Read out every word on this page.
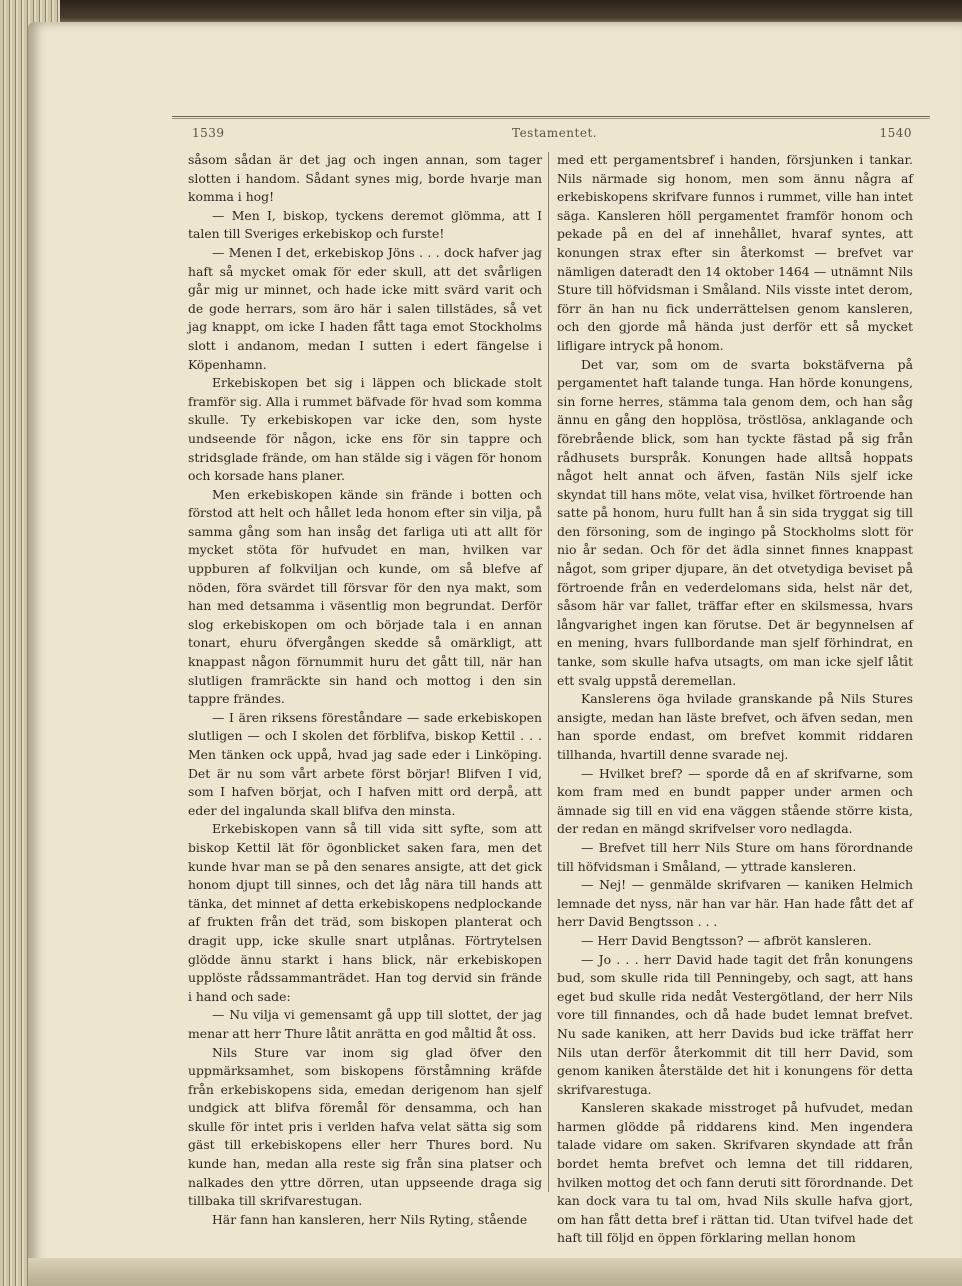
1539	Testamentet.	1540

såsom sådan är det jag och ingen annan, som tager slotten i handom. Sådant synes mig, borde hvarje man komma i hog!

— Men I, biskop, tyckens deremot glömma, att I talen till Sveriges erkebiskop och furste!

— Menen I det, erkebiskop Jöns . . . dock hafver jag haft så mycket omak för eder skull, att det svårligen går mig ur minnet, och hade icke mitt svärd varit och de gode herrars, som äro här i salen tillstädes, så vet jag knappt, om icke I haden fått taga emot Stockholms slott i andanom, medan I sutten i edert fängelse i Köpenhamn.

Erkebiskopen bet sig i läppen och blickade stolt framför sig. Alla i rummet bäfvade för hvad som komma skulle. Ty erkebiskopen var icke den, som hyste undseende för någon, icke ens för sin tappre och stridsglade frände, om han stälde sig i vägen för honom och korsade hans planer.

Men erkebiskopen kände sin frände i botten och förstod att helt och hållet leda honom efter sin vilja, på samma gång som han insåg det farliga uti att allt för mycket stöta för hufvudet en man, hvilken var uppburen af folkviljan och kunde, om så blefve af nöden, föra svärdet till försvar för den nya makt, som han med detsamma i väsentlig mon begrundat. Derför slog erkebiskopen om och började tala i en annan tonart, ehuru öfvergången skedde så omärkligt, att knappast någon förnummit huru det gått till, när han slutligen framräckte sin hand och mottog i den sin tappre frändes.

— I ären riksens föreståndare — sade erkebiskopen slutligen — och I skolen det förblifva, biskop Kettil . . . Men tänken ock uppå, hvad jag sade eder i Linköping. Det är nu som vårt arbete först börjar! Blifven I vid, som I hafven börjat, och I hafven mitt ord derpå, att eder del ingalunda skall blifva den minsta.

Erkebiskopen vann så till vida sitt syfte, som att biskop Kettil lät för ögonblicket saken fara, men det kunde hvar man se på den senares ansigte, att det gick honom djupt till sinnes, och det låg nära till hands att tänka, det minnet af detta erkebiskopens nedplockande af frukten från det träd, som biskopen planterat och dragit upp, icke skulle snart utplånas. Förtrytelsen glödde ännu starkt i hans blick, när erkebiskopen upplöste rådssammanträdet. Han tog dervid sin frände i hand och sade:

— Nu vilja vi gemensamt gå upp till slottet, der jag menar att herr Thure låtit anrätta en god måltid åt oss.

Nils Sture var inom sig glad öfver den uppmärksamhet, som biskopens förståmning kräfde från erkebiskopens sida, emedan derigenom han sjelf undgick att blifva föremål för densamma, och han skulle för intet pris i verlden hafva velat sätta sig som gäst till erkebiskopens eller herr Thures bord. Nu kunde han, medan alla reste sig från sina platser och nalkades den yttre dörren, utan uppseende draga sig tillbaka till skrifvarestugan.

Här fann han kansleren, herr Nils Ryting, stående

med ett pergamentsbref i handen, försjunken i tankar. Nils närmade sig honom, men som ännu några af erkebiskopens skrifvare funnos i rummet, ville han intet säga. Kansleren höll pergamentet framför honom och pekade på en del af innehållet, hvaraf syntes, att konungen strax efter sin återkomst — brefvet var nämligen dateradt den 14 oktober 1464 — utnämnt Nils Sture till höfvidsman i Småland. Nils visste intet derom, förr än han nu fick underrättelsen genom kansleren, och den gjorde må hända just derför ett så mycket lifligare intryck på honom.

Det var, som om de svarta bokstäfverna på pergamentet haft talande tunga. Han hörde konungens, sin forne herres, stämma tala genom dem, och han såg ännu en gång den hopplösa, tröstlösa, anklagande och förebrående blick, som han tyckte fästad på sig från rådhusets burspråk. Konungen hade alltså hoppats något helt annat och äfven, fastän Nils sjelf icke skyndat till hans möte, velat visa, hvilket förtroende han satte på honom, huru fullt han å sin sida tryggat sig till den försoning, som de ingingo på Stockholms slott för nio år sedan. Och för det ädla sinnet finnes knappast något, som griper djupare, än det otvetydiga beviset på förtroende från en vederdelomans sida, helst när det, såsom här var fallet, träffar efter en skilsmessa, hvars långvarighet ingen kan förutse. Det är begynnelsen af en mening, hvars fullbordande man sjelf förhindrat, en tanke, som skulle hafva utsagts, om man icke sjelf låtit ett svalg uppstå deremellan.

Kanslerens öga hvilade granskande på Nils Stures ansigte, medan han läste brefvet, och äfven sedan, men han sporde endast, om brefvet kommit riddaren tillhanda, hvartill denne svarade nej.

— Hvilket bref? — sporde då en af skrifvarne, som kom fram med en bundt papper under armen och ämnade sig till en vid ena väggen stående större kista, der redan en mängd skrifvelser voro nedlagda.

— Brefvet till herr Nils Sture om hans förordnande till höfvidsman i Småland, — yttrade kansleren.

— Nej! — genmälde skrifvaren — kaniken Helmich lemnade det nyss, när han var här. Han hade fått det af herr David Bengtsson . . .

— Herr David Bengtsson? — afbröt kansleren.

— Jo . . . herr David hade tagit det från konungens bud, som skulle rida till Penningeby, och sagt, att hans eget bud skulle rida nedåt Vestergötland, der herr Nils vore till finnandes, och då hade budet lemnat brefvet. Nu sade kaniken, att herr Davids bud icke träffat herr Nils utan derför återkommit dit till herr David, som genom kaniken återstälde det hit i konungens för detta skrifvarestuga.

Kansleren skakade misstroget på hufvudet, medan harmen glödde på riddarens kind. Men ingendera talade vidare om saken. Skrifvaren skyndade att från bordet hemta brefvet och lemna det till riddaren, hvilken mottog det och fann deruti sitt förordnande. Det kan dock vara tu tal om, hvad Nils skulle hafva gjort, om han fått detta bref i rättan tid. Utan tvifvel hade det haft till följd en öppen förklaring mellan honom
